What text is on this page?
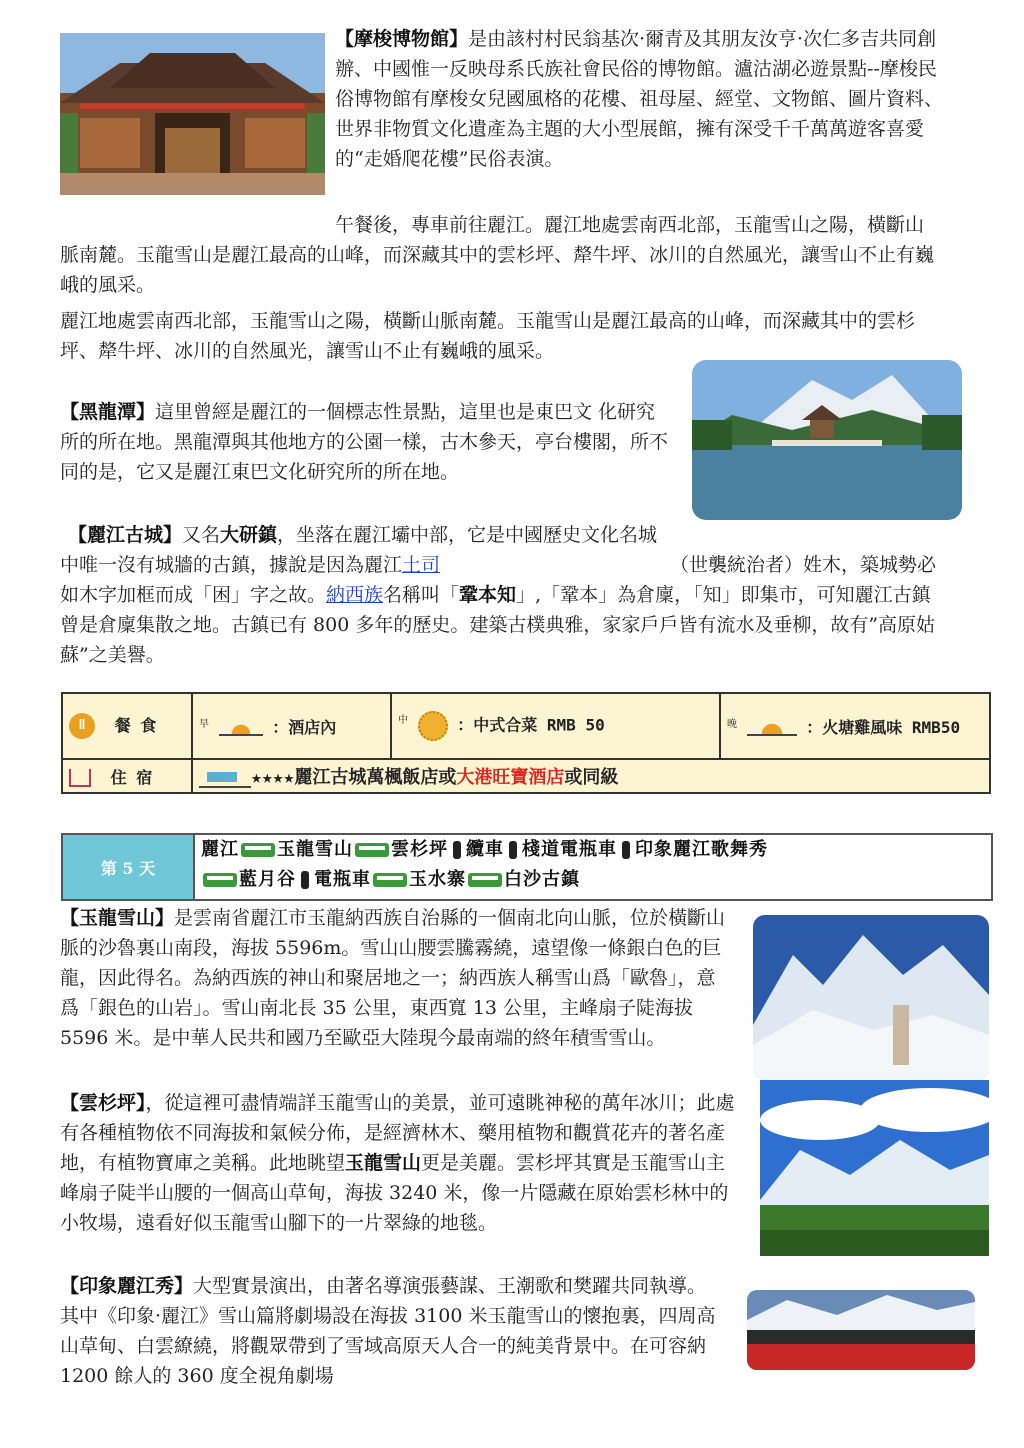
【摩梭博物館】是由該村村民翁基次·爾青及其朋友汝亨·次仁多吉共同創辦、中國惟一反映母系氏族社會民俗的博物館。瀘沽湖必遊景點--摩梭民俗博物館有摩梭女兒國風格的花樓、祖母屋、經堂、文物館、圖片資料、世界非物質文化遺產為主題的大小型展館，擁有深受千千萬萬遊客喜愛的“走婚爬花樓”民俗表演。
午餐後，專車前往麗江。麗江地處雲南西北部，玉龍雪山之陽，橫斷山脈南麓。玉龍雪山是麗江最高的山峰，而深藏其中的雲杉坪、犛牛坪、冰川的自然風光，讓雪山不止有巍峨的風采。
麗江地處雲南西北部，玉龍雪山之陽，橫斷山脈南麓。玉龍雪山是麗江最高的山峰，而深藏其中的雲杉坪、犛牛坪、冰川的自然風光，讓雪山不止有巍峨的風采。
【黑龍潭】這里曾經是麗江的一個標志性景點，這里也是東巴文 化研究所的所在地。黑龍潭與其他地方的公園一樣，古木參天，亭台樓閣，所不同的是，它又是麗江東巴文化研究所的所在地。
【麗江古城】又名大研鎮，坐落在麗江壩中部，它是中國歷史文化名城中唯一沒有城牆的古鎮，據說是因為麗江土司	（世襲統治者）姓木，築城勢必如木字加框而成「困」字之故。納西族名稱叫「鞏本知」,「鞏本」為倉廩，「知」即集市，可知麗江古鎮曾是倉廩集散之地。古鎮已有 800 多年的歷史。建築古樸典雅，家家戶戶皆有流水及垂柳，故有”高原姑蘇”之美譽。
ǁ 餐 食	$^早$ ：酒店內	$^中$ ：中式合菜 RMB 50	$^晚$ ：火塘雞風味 RMB50
住 宿	★★★★麗江古城萬楓飯店或大港旺寶酒店或同級		
第 5 天
麗江 玉龍雪山 雲杉坪 纜車 棧道電瓶車 印象麗江歌舞秀
藍月谷 電瓶車 玉水寨 白沙古鎮
【玉龍雪山】是雲南省麗江市玉龍納西族自治縣的一個南北向山脈，位於橫斷山脈的沙魯裏山南段，海拔 5596m。雪山山腰雲騰霧繞，遠望像一條銀白色的巨龍，因此得名。為納西族的神山和聚居地之一；納西族人稱雪山爲「歐魯」，意爲「銀色的山岩」。雪山南北長 35 公里，東西寬 13 公里，主峰扇子陡海拔 5596 米。是中華人民共和國乃至歐亞大陸現今最南端的終年積雪雪山。
【雲杉坪】，從這裡可盡情端詳玉龍雪山的美景，並可遠眺神秘的萬年冰川；此處有各種植物依不同海拔和氣候分佈，是經濟林木、藥用植物和觀賞花卉的著名產地，有植物寶庫之美稱。此地眺望玉龍雪山更是美麗。雲杉坪其實是玉龍雪山主峰扇子陡半山腰的一個高山草甸，海拔 3240 米，像一片隱藏在原始雲杉林中的小牧場，遠看好似玉龍雪山腳下的一片翠綠的地毯。
【印象麗江秀】大型實景演出，由著名導演張藝謀、王潮歌和樊躍共同執導。其中《印象·麗江》雪山篇將劇場設在海拔 3100 米玉龍雪山的懷抱裏，四周高山草甸、白雲繚繞，將觀眾帶到了雪域高原天人合一的純美背景中。在可容納 1200 餘人的 360 度全視角劇場
